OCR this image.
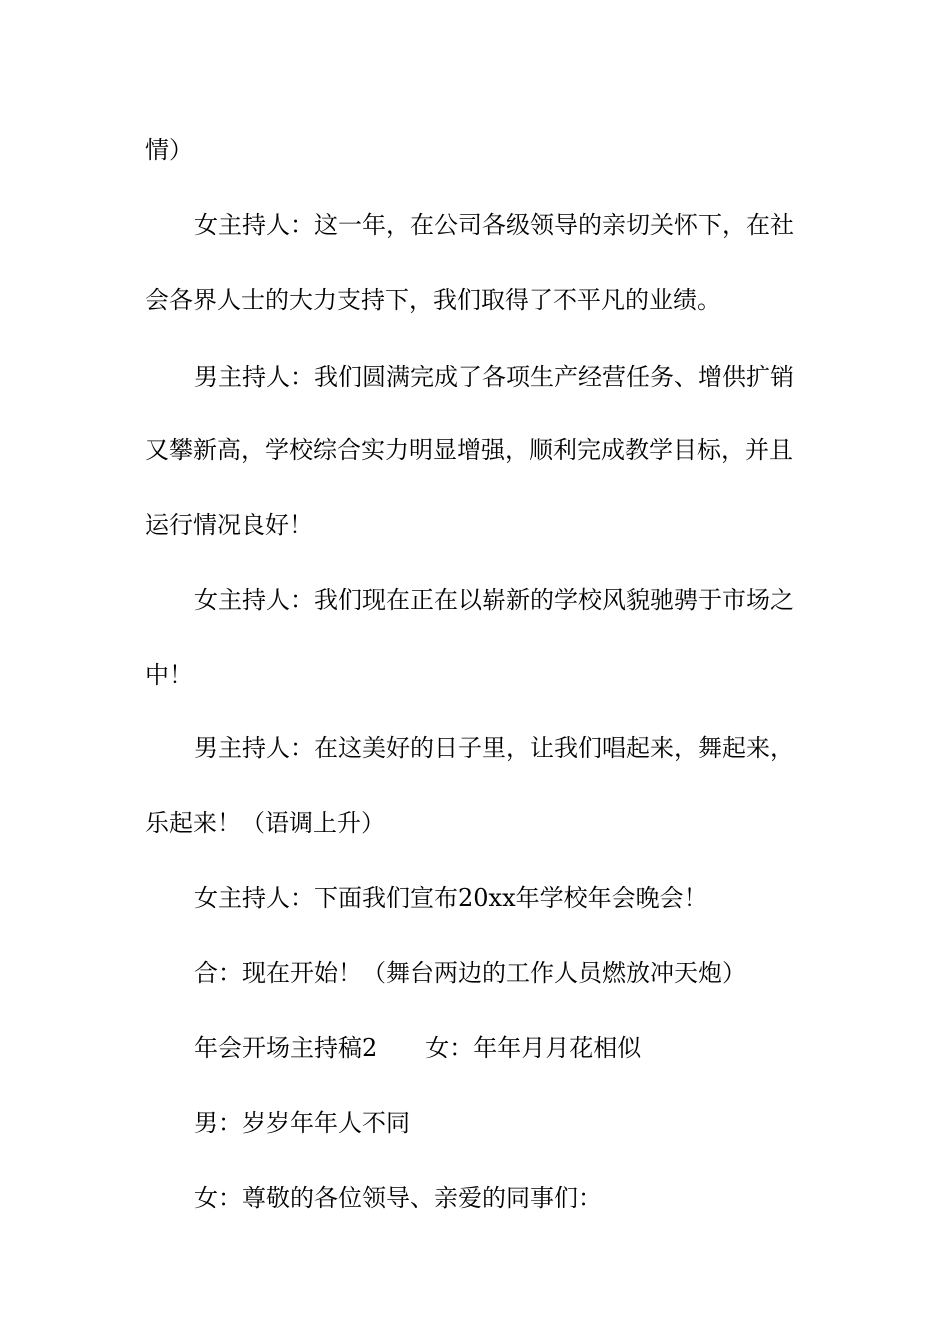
情）
女主持人：这一年，在公司各级领导的亲切关怀下，在社
会各界人士的大力支持下，我们取得了不平凡的业绩。
男主持人：我们圆满完成了各项生产经营任务、增供扩销
又攀新高，学校综合实力明显增强，顺利完成教学目标，并且
运行情况良好！
女主持人：我们现在正在以崭新的学校风貌驰骋于市场之
中！
男主持人：在这美好的日子里，让我们唱起来，舞起来，
乐起来！（语调上升）
女主持人：下面我们宣布20xx年学校年会晚会！
合：现在开始！（舞台两边的工作人员燃放冲天炮）
年会开场主持稿2　　女：年年月月花相似
男：岁岁年年人不同
女：尊敬的各位领导、亲爱的同事们：
